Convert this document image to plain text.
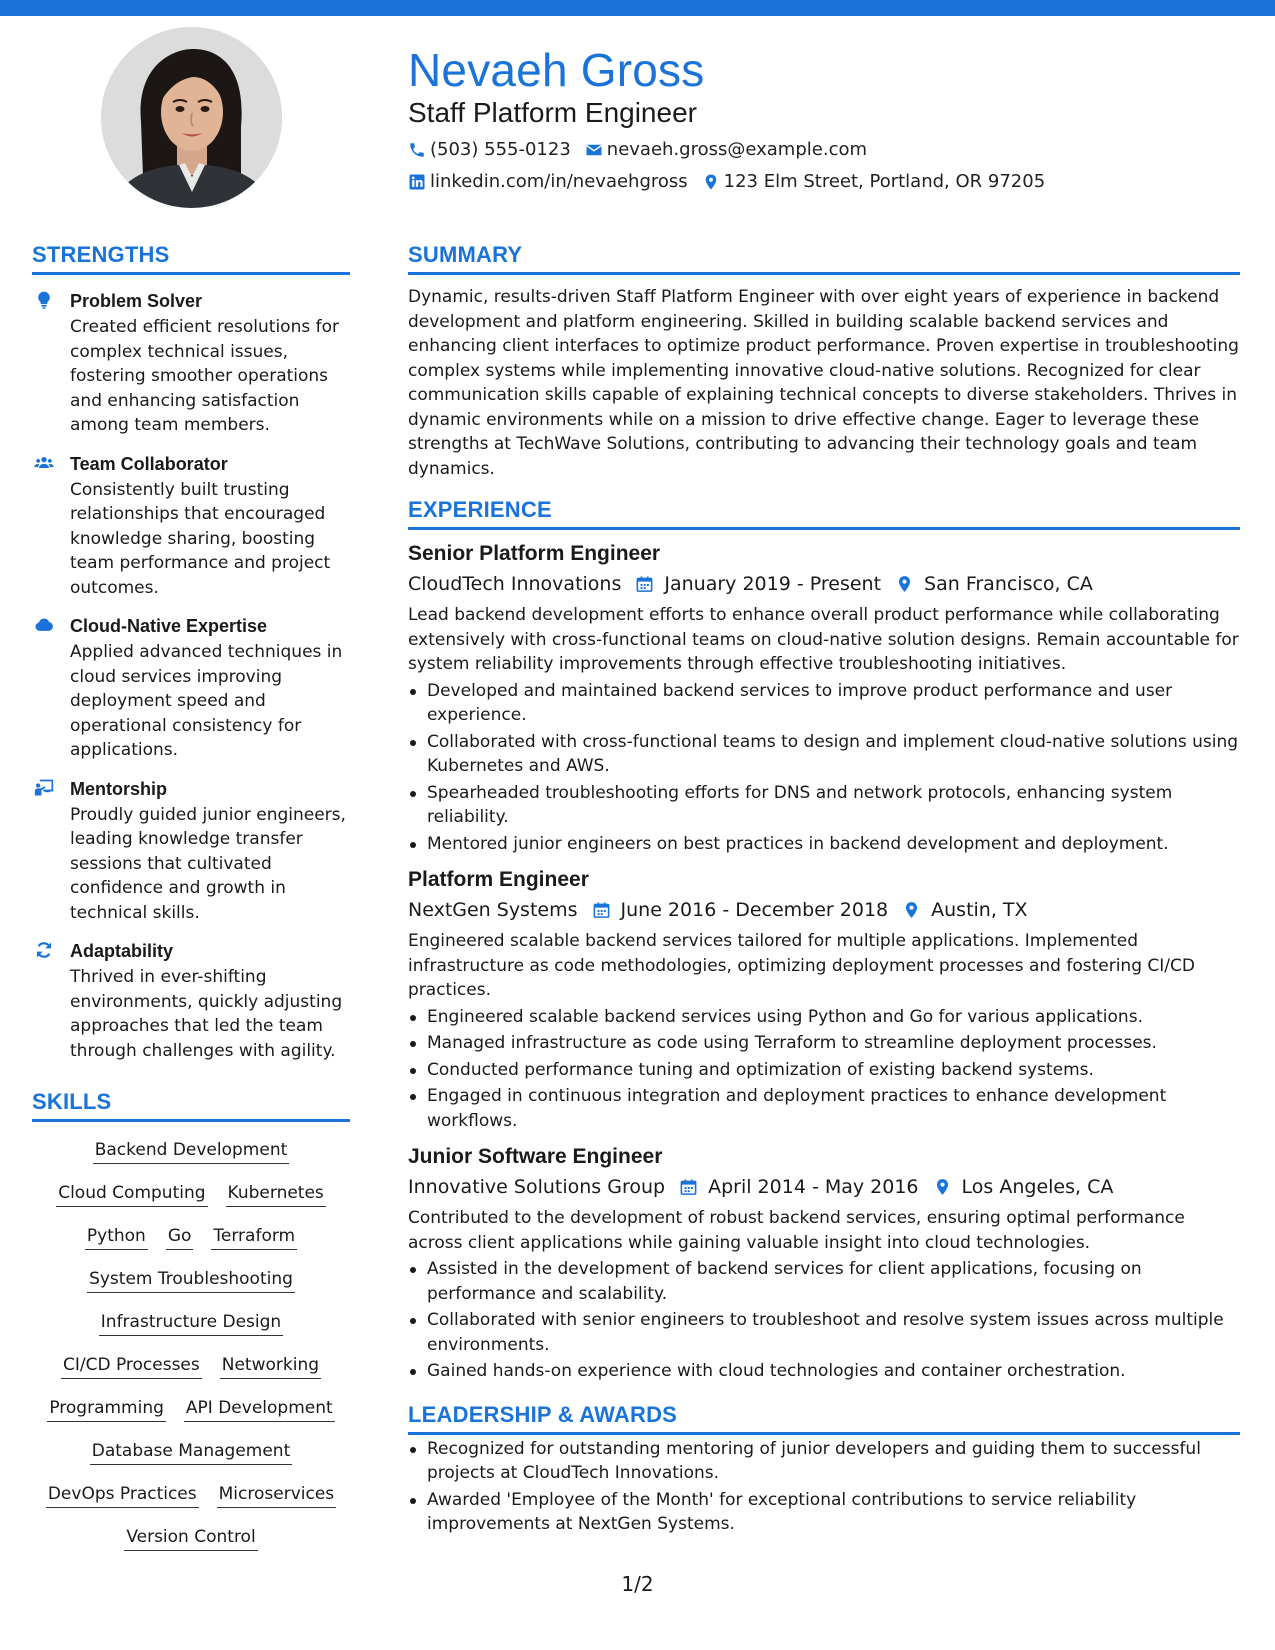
Nevaeh Gross
Staff Platform Engineer
(503) 555-0123 nevaeh.gross@example.com
linkedin.com/in/nevaehgross 123 Elm Street, Portland, OR 97205
STRENGTHS
Problem Solver
Created efficient resolutions for complex technical issues, fostering smoother operations and enhancing satisfaction among team members.
Team Collaborator
Consistently built trusting relationships that encouraged knowledge sharing, boosting team performance and project outcomes.
Cloud-Native Expertise
Applied advanced techniques in cloud services improving deployment speed and operational consistency for applications.
Mentorship
Proudly guided junior engineers, leading knowledge transfer sessions that cultivated confidence and growth in technical skills.
Adaptability
Thrived in ever-shifting environments, quickly adjusting approaches that led the team through challenges with agility.
SKILLS
Backend Development
Cloud Computing Kubernetes
Python Go Terraform
System Troubleshooting
Infrastructure Design
CI/CD Processes Networking
Programming API Development
Database Management
DevOps Practices Microservices
Version Control
SUMMARY
Dynamic, results-driven Staff Platform Engineer with over eight years of experience in backend development and platform engineering. Skilled in building scalable backend services and enhancing client interfaces to optimize product performance. Proven expertise in troubleshooting complex systems while implementing innovative cloud-native solutions. Recognized for clear communication skills capable of explaining technical concepts to diverse stakeholders. Thrives in dynamic environments while on a mission to drive effective change. Eager to leverage these strengths at TechWave Solutions, contributing to advancing their technology goals and team dynamics.
EXPERIENCE
Senior Platform Engineer
CloudTech Innovations January 2019 - Present San Francisco, CA
Lead backend development efforts to enhance overall product performance while collaborating extensively with cross-functional teams on cloud-native solution designs. Remain accountable for system reliability improvements through effective troubleshooting initiatives.
Developed and maintained backend services to improve product performance and user experience.
Collaborated with cross-functional teams to design and implement cloud-native solutions using Kubernetes and AWS.
Spearheaded troubleshooting efforts for DNS and network protocols, enhancing system reliability.
Mentored junior engineers on best practices in backend development and deployment.
Platform Engineer
NextGen Systems June 2016 - December 2018 Austin, TX
Engineered scalable backend services tailored for multiple applications. Implemented infrastructure as code methodologies, optimizing deployment processes and fostering CI/CD practices.
Engineered scalable backend services using Python and Go for various applications.
Managed infrastructure as code using Terraform to streamline deployment processes.
Conducted performance tuning and optimization of existing backend systems.
Engaged in continuous integration and deployment practices to enhance development workflows.
Junior Software Engineer
Innovative Solutions Group April 2014 - May 2016 Los Angeles, CA
Contributed to the development of robust backend services, ensuring optimal performance across client applications while gaining valuable insight into cloud technologies.
Assisted in the development of backend services for client applications, focusing on performance and scalability.
Collaborated with senior engineers to troubleshoot and resolve system issues across multiple environments.
Gained hands-on experience with cloud technologies and container orchestration.
LEADERSHIP & AWARDS
Recognized for outstanding mentoring of junior developers and guiding them to successful projects at CloudTech Innovations.
Awarded 'Employee of the Month' for exceptional contributions to service reliability improvements at NextGen Systems.
1/2
